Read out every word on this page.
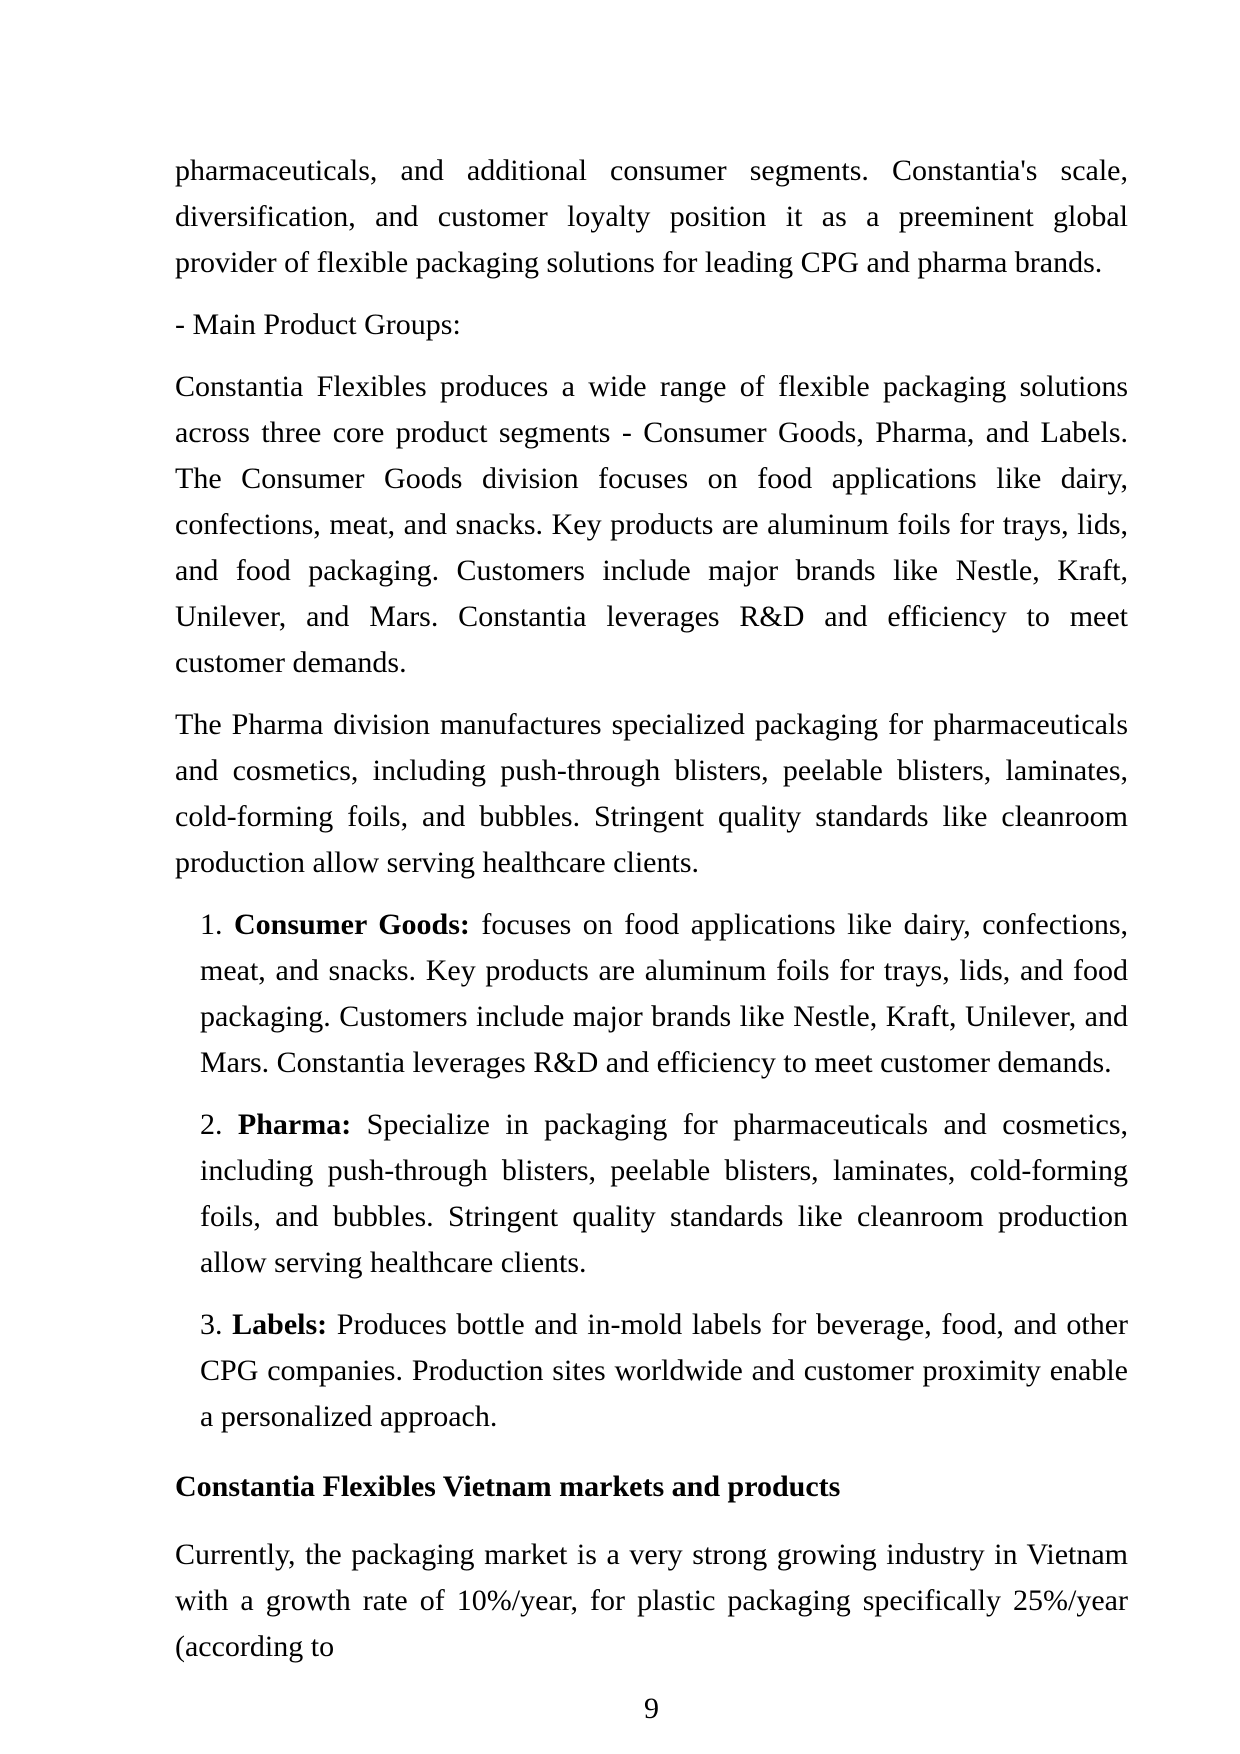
pharmaceuticals, and additional consumer segments. Constantia's scale, diversification, and customer loyalty position it as a preeminent global provider of flexible packaging solutions for leading CPG and pharma brands.

- Main Product Groups:

Constantia Flexibles produces a wide range of flexible packaging solutions across three core product segments - Consumer Goods, Pharma, and Labels. The Consumer Goods division focuses on food applications like dairy, confections, meat, and snacks. Key products are aluminum foils for trays, lids, and food packaging. Customers include major brands like Nestle, Kraft, Unilever, and Mars. Constantia leverages R&D and efficiency to meet customer demands.

The Pharma division manufactures specialized packaging for pharmaceuticals and cosmetics, including push-through blisters, peelable blisters, laminates, cold-forming foils, and bubbles. Stringent quality standards like cleanroom production allow serving healthcare clients.

1. Consumer Goods: focuses on food applications like dairy, confections, meat, and snacks. Key products are aluminum foils for trays, lids, and food packaging. Customers include major brands like Nestle, Kraft, Unilever, and Mars. Constantia leverages R&D and efficiency to meet customer demands.

2. Pharma: Specialize in packaging for pharmaceuticals and cosmetics, including push-through blisters, peelable blisters, laminates, cold-forming foils, and bubbles. Stringent quality standards like cleanroom production allow serving healthcare clients.

3. Labels: Produces bottle and in-mold labels for beverage, food, and other CPG companies. Production sites worldwide and customer proximity enable a personalized approach.

Constantia Flexibles Vietnam markets and products

Currently, the packaging market is a very strong growing industry in Vietnam with a growth rate of 10%/year, for plastic packaging specifically 25%/year (according to

9
